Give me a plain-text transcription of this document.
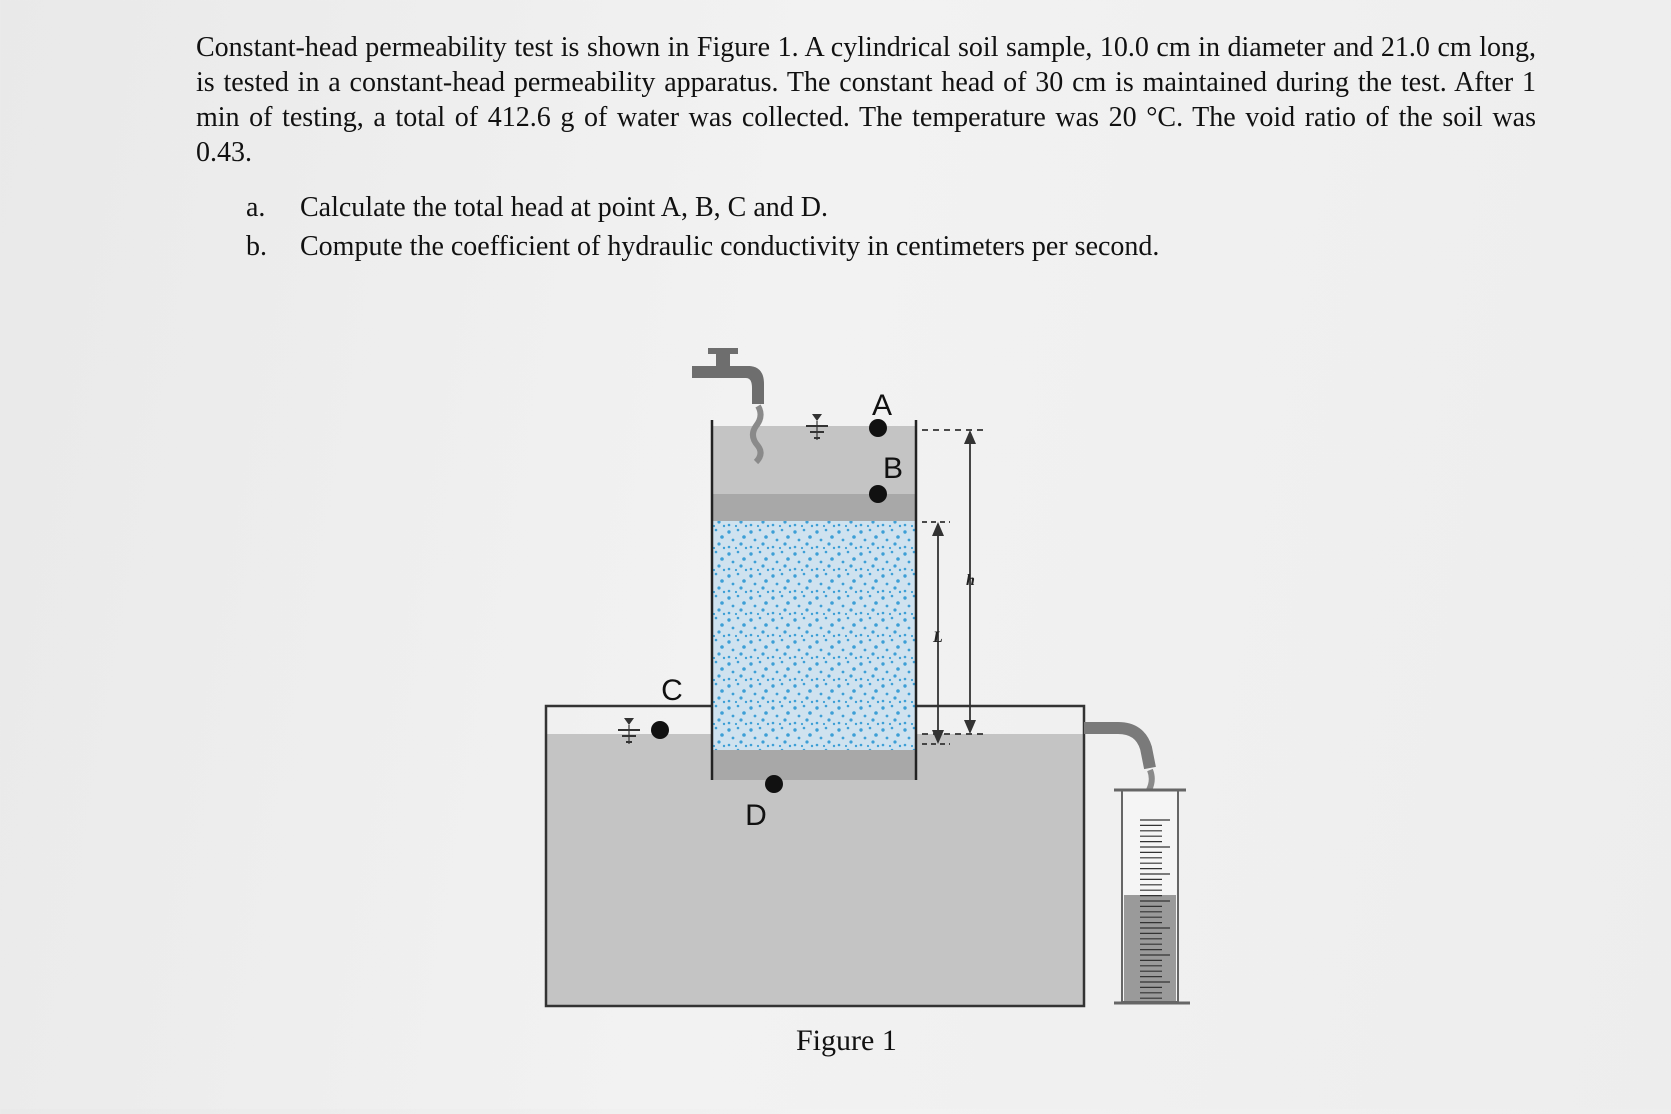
Constant-head permeability test is shown in Figure 1. A cylindrical soil sample, 10.0 cm in diameter and 21.0 cm long, is tested in a constant-head permeability apparatus. The constant head of 30 cm is maintained during the test. After 1 min of testing, a total of 412.6 g of water was collected. The temperature was 20 °C. The void ratio of the soil was 0.43.

a. Calculate the total head at point A, B, C and D.
b. Compute the coefficient of hydraulic conductivity in centimeters per second.
A
B
C
D
h
L
Figure 1
